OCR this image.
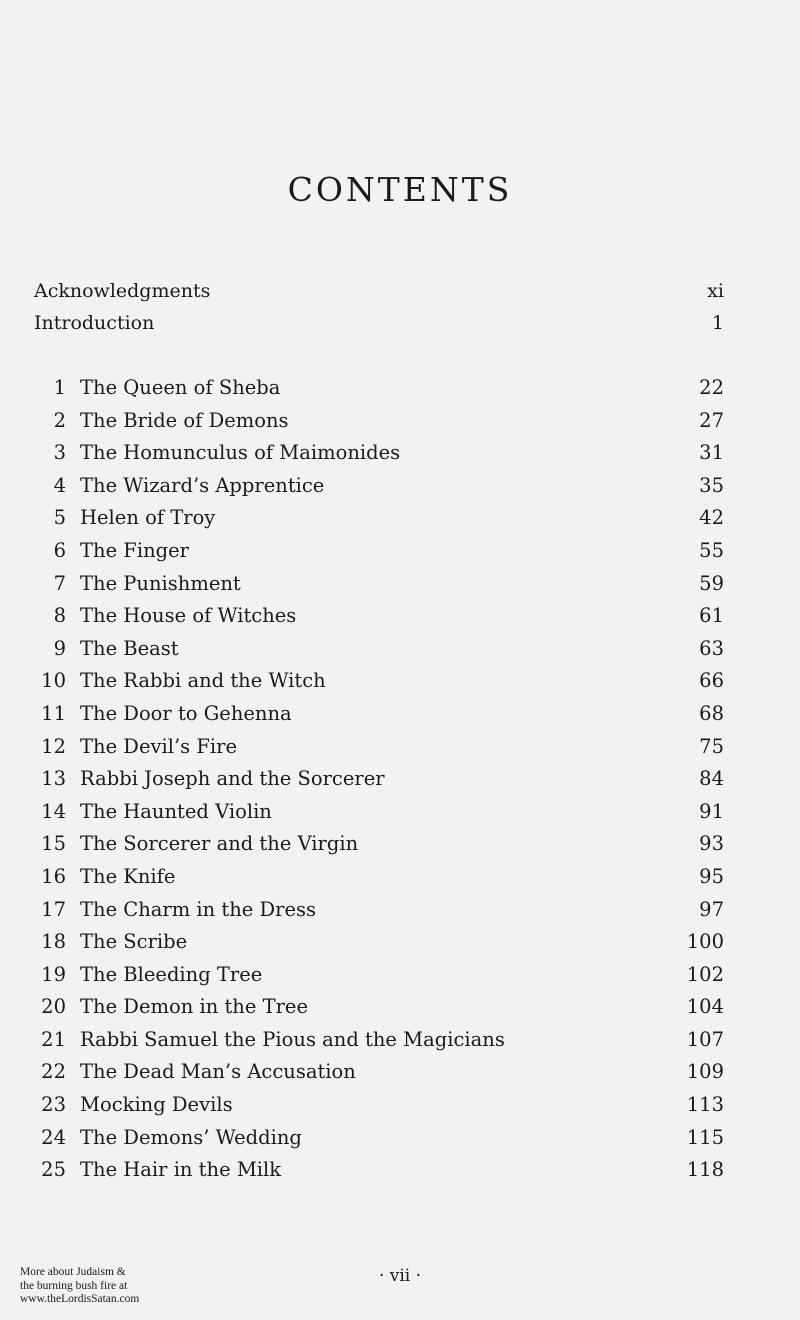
CONTENTS
Acknowledgments	xi
Introduction	1
1 The Queen of Sheba	22
2 The Bride of Demons	27
3 The Homunculus of Maimonides	31
4 The Wizard’s Apprentice	35
5 Helen of Troy	42
6 The Finger	55
7 The Punishment	59
8 The House of Witches	61
9 The Beast	63
10 The Rabbi and the Witch	66
11 The Door to Gehenna	68
12 The Devil’s Fire	75
13 Rabbi Joseph and the Sorcerer	84
14 The Haunted Violin	91
15 The Sorcerer and the Virgin	93
16 The Knife	95
17 The Charm in the Dress	97
18 The Scribe	100
19 The Bleeding Tree	102
20 The Demon in the Tree	104
21 Rabbi Samuel the Pious and the Magicians	107
22 The Dead Man’s Accusation	109
23 Mocking Devils	113
24 The Demons’ Wedding	115
25 The Hair in the Milk	118
More about Judaism &
the burning bush fire at
www.theLordisSatan.com
· vii ·
